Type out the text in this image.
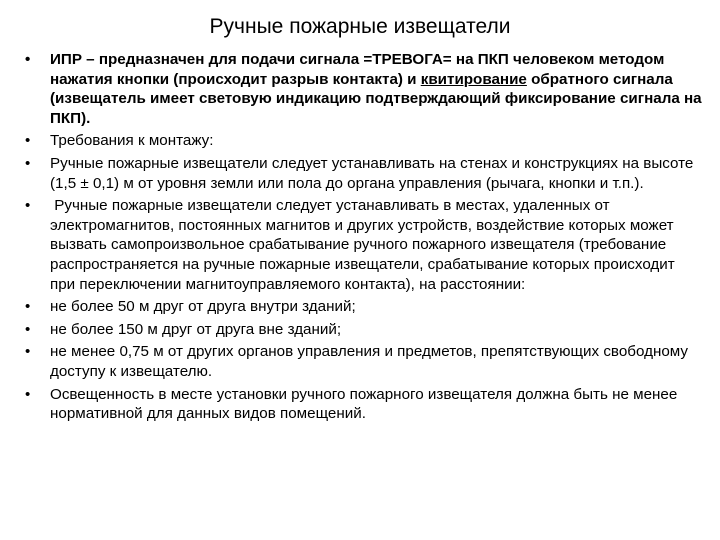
Ручные пожарные извещатели
• ИПР – предназначен для подачи сигнала =ТРЕВОГА= на ПКП человеком методом нажатия кнопки (происходит разрыв контакта) и квитирование обратного сигнала (извещатель имеет световую индикацию подтверждающий фиксирование сигнала на ПКП).
• Требования к монтажу:
• Ручные пожарные извещатели следует устанавливать на стенах и конструкциях на высоте (1,5 ± 0,1) м от уровня земли или пола до органа управления (рычага, кнопки и т.п.).
• Ручные пожарные извещатели следует устанавливать в местах, удаленных от электромагнитов, постоянных магнитов и других устройств, воздействие которых может вызвать самопроизвольное срабатывание ручного пожарного извещателя (требование распространяется на ручные пожарные извещатели, срабатывание которых происходит при переключении магнитоуправляемого контакта), на расстоянии:
• не более 50 м друг от друга внутри зданий;
• не более 150 м друг от друга вне зданий;
• не менее 0,75 м от других органов управления и предметов, препятствующих свободному доступу к извещателю.
• Освещенность в месте установки ручного пожарного извещателя должна быть не менее нормативной для данных видов помещений.
